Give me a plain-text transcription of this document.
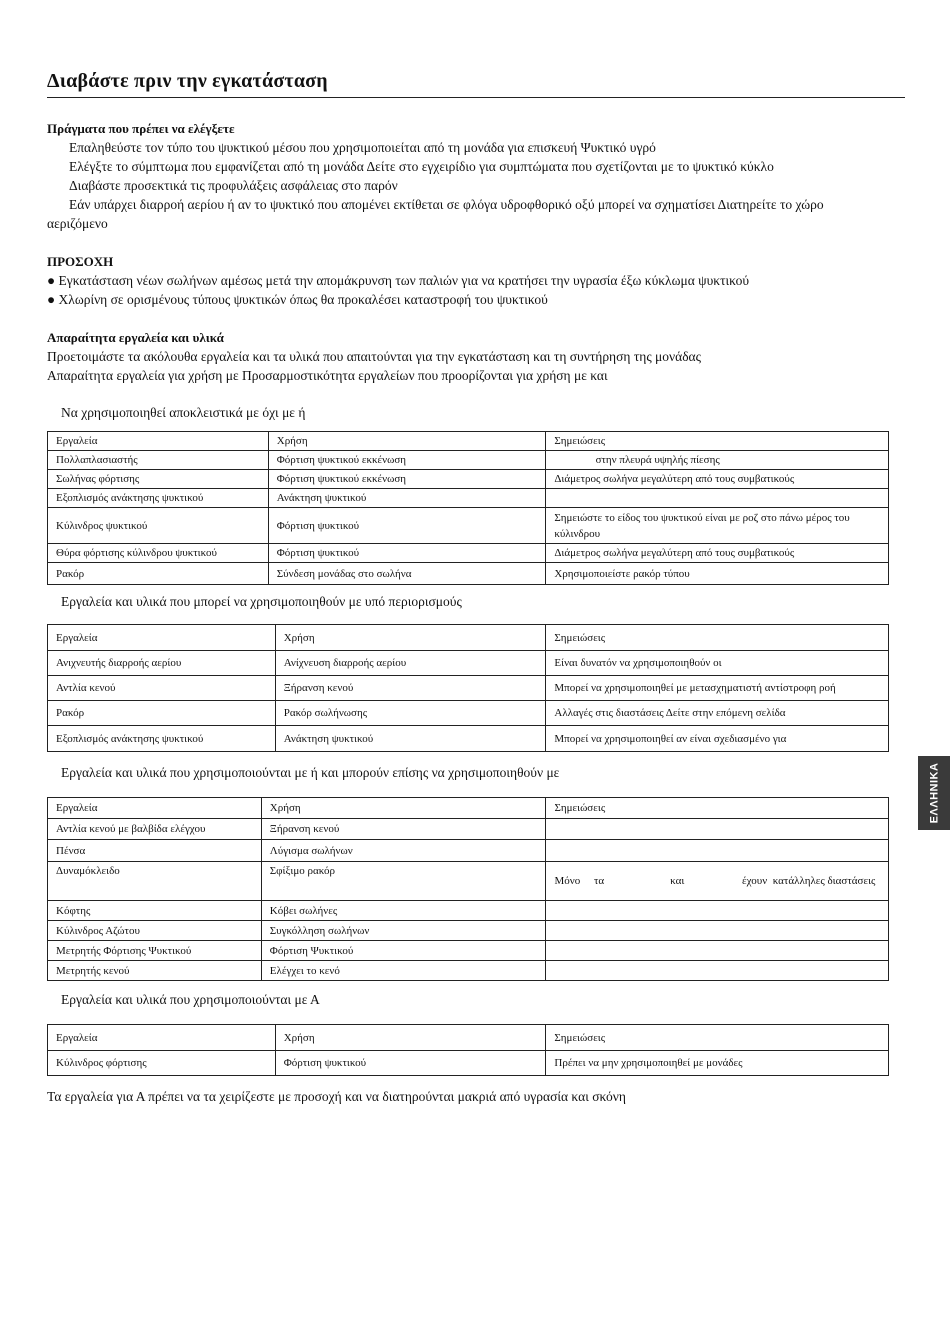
Διαβάστε πριν την εγκατάσταση
Πράγματα που πρέπει να ελέγξετε
Επαληθεύστε τον τύπο του ψυκτικού μέσου που χρησιμοποιείται από τη μονάδα για επισκευή Ψυκτικό υγρό
Ελέγξτε το σύμπτωμα που εμφανίζεται από τη μονάδα Δείτε στο εγχειρίδιο για συμπτώματα που σχετίζονται με το ψυκτικό κύκλο
Διαβάστε προσεκτικά τις προφυλάξεις ασφάλειας στο παρόν
Εάν υπάρχει διαρροή αερίου ή αν το ψυκτικό που απομένει εκτίθεται σε φλόγα υδροφθορικό οξύ μπορεί να σχηματίσει Διατηρείτε το χώρο
αεριζόμενο
ΠΡΟΣΟΧΗ
● Εγκατάσταση νέων σωλήνων αμέσως μετά την απομάκρυνση των παλιών για να κρατήσει την υγρασία έξω κύκλωμα ψυκτικού
● Χλωρίνη σε ορισμένους τύπους ψυκτικών όπως θα προκαλέσει καταστροφή του ψυκτικού
Απαραίτητα εργαλεία και υλικά
Προετοιμάστε τα ακόλουθα εργαλεία και τα υλικά που απαιτούνται για την εγκατάσταση και τη συντήρηση της μονάδας
Απαραίτητα εργαλεία για χρήση με Προσαρμοστικότητα εργαλείων που προορίζονται για χρήση με και
Να χρησιμοποιηθεί αποκλειστικά με όχι με ή
Εργαλεία	Χρήση	Σημειώσεις
Πολλαπλασιαστής	Φόρτιση ψυκτικού εκκένωση	στην πλευρά υψηλής πίεσης
Σωλήνας φόρτισης	Φόρτιση ψυκτικού εκκένωση	Διάμετρος σωλήνα μεγαλύτερη από τους συμβατικούς
Εξοπλισμός ανάκτησης ψυκτικού	Ανάκτηση ψυκτικού	
Κύλινδρος ψυκτικού	Φόρτιση ψυκτικού	Σημειώστε το είδος του ψυκτικού είναι με ροζ στο πάνω μέρος του κύλινδρου
Θύρα φόρτισης κύλινδρου ψυκτικού	Φόρτιση ψυκτικού	Διάμετρος σωλήνα μεγαλύτερη από τους συμβατικούς
Ρακόρ	Σύνδεση μονάδας στο σωλήνα	Χρησιμοποιείστε ρακόρ τύπου
Εργαλεία και υλικά που μπορεί να χρησιμοποιηθούν με υπό περιορισμούς
Εργαλεία	Χρήση	Σημειώσεις
Ανιχνευτής διαρροής αερίου	Ανίχνευση διαρροής αερίου	Είναι δυνατόν να χρησιμοποιηθούν οι
Αντλία κενού	Ξήρανση κενού	Μπορεί να χρησιμοποιηθεί με μετασχηματιστή αντίστροφη ροή
Ρακόρ	Ρακόρ σωλήνωσης	Αλλαγές στις διαστάσεις Δείτε στην επόμενη σελίδα
Εξοπλισμός ανάκτησης ψυκτικού	Ανάκτηση ψυκτικού	Μπορεί να χρησιμοποιηθεί αν είναι σχεδιασμένο για
Εργαλεία και υλικά που χρησιμοποιούνται με ή και μπορούν επίσης να χρησιμοποιηθούν με
Εργαλεία	Χρήση	Σημειώσεις
Αντλία κενού με βαλβίδα ελέγχου	Ξήρανση κενού	
Πένσα	Λύγισμα σωλήνων	
Δυναμόκλειδο	Σφίξιμο ρακόρ	Μόνο     τα                        και                     έχουν  κατάλληλες διαστάσεις
Κόφτης	Κόβει σωλήνες	
Κύλινδρος Αζώτου	Συγκόλληση σωλήνων	
Μετρητής Φόρτισης Ψυκτικού	Φόρτιση Ψυκτικού	
Μετρητής κενού	Ελέγχει το κενό	
Εργαλεία και υλικά που χρησιμοποιούνται με Α
Εργαλεία	Χρήση	Σημειώσεις
Κύλινδρος φόρτισης	Φόρτιση ψυκτικού	Πρέπει να μην χρησιμοποιηθεί με μονάδες
Τα εργαλεία για Α πρέπει να τα χειρίζεστε με προσοχή και να διατηρούνται μακριά από υγρασία και σκόνη
ΕΛΛΗΝΙΚΑ
